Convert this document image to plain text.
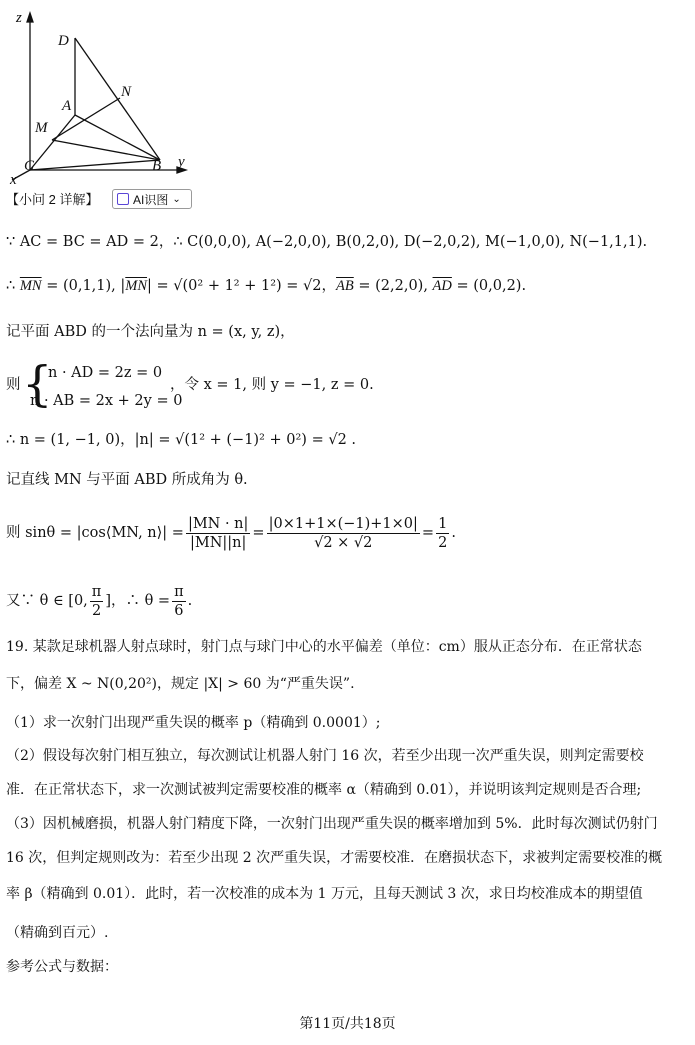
z
D
N
A
M
C	B y
x
【小问 2 详解】	AI识图 ⌄
∵ AC = BC = AD = 2，∴ C(0,0,0), A(−2,0,0), B(0,2,0), D(−2,0,2), M(−1,0,0), N(−1,1,1).
∴ $\overline{MN} = (0,1,1)$, $|\overline{MN}| = √(0^2 + 1^2 + 1^2) = √2$，$\overline{AB} = (2,2,0)$, $\overline{AD} = (0,0,2)$.
记平面 ABD 的一个法向量为 n = (x, y, z)，
则 {
n · AD = 2z = 0
n · AB = 2x + 2y = 0
，令 x = 1, 则 y = −1, z = 0.
∴ n = (1, −1, 0)，|n| = √(1² + (−1)² + 0²) = √2 .
记直线 MN 与平面 ABD 所成角为 θ.
则 sinθ = |cos⟨MN, n⟩| = $\frac{|MN \cdot n|}{|MN||n|} = \frac{|0\times 1+1\times(-1)+1\times 0|}{√2 \times √2} = \frac{1}{2}$ .
又∵ θ ∈ [0, $\frac{\pi}{2}$ ]，∴ $\theta = \frac{\pi}{6}$ .
19. 某款足球机器人射点球时，射门点与球门中心的水平偏差（单位：cm）服从正态分布．在正常状态
下，偏差 X ~ N(0,20²)，规定 |X| > 60 为“严重失误”.
（1）求一次射门出现严重失误的概率 p（精确到 0.0001）;
（2）假设每次射门相互独立，每次测试让机器人射门 16 次，若至少出现一次严重失误，则判定需要校
准．在正常状态下，求一次测试被判定需要校准的概率 α（精确到 0.01），并说明该判定规则是否合理;
（3）因机械磨损，机器人射门精度下降，一次射门出现严重失误的概率增加到 5%．此时每次测试仍射门
16 次，但判定规则改为：若至少出现 2 次严重失误，才需要校准．在磨损状态下，求被判定需要校准的概
率 β（精确到 0.01）．此时，若一次校准的成本为 1 万元，且每天测试 3 次，求日均校准成本的期望值
（精确到百元）.
参考公式与数据：
第11页/共18页
